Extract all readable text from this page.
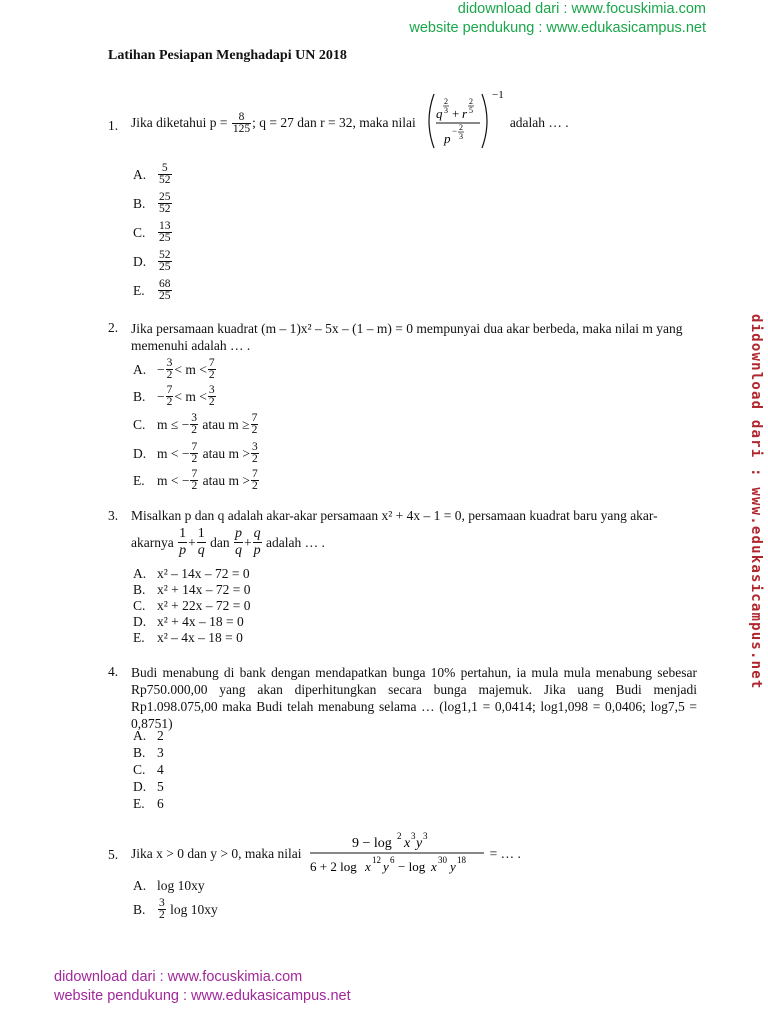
didownload dari : www.focuskimia.com
website pendukung : www.edukasicampus.net
didownload dari : www.edukasicampus.net
Latihan Pesiapan Menghadapi UN 2018
1. Jika diketahui p =
$\frac{8}{125}$ ; q = 27 dan r = 32, maka nilai
−1
q
2
3 + r
2
5
p − 2
3
adalah … .
A.	$\frac{5}{52}$
B.	$\frac{25}{52}$
C.	$\frac{13}{25}$
D.	$\frac{52}{25}$
E.	$\frac{68}{25}$
2. Jika persamaan kuadrat (m – 1)x² – 5x – (1 – m) = 0 mempunyai dua akar berbeda, maka nilai m yang
memenuhi adalah … .
A. − $\frac{3}{2} < m < \frac{7}{2}$
B. − $\frac{7}{2} < m < \frac{3}{2}$
C. m ≤ − $\frac{3}{2}$
atau
$m \ge \frac{7}{2}$
D. m < − $\frac{7}{2}$
atau
$m > \frac{3}{2}$
E. m < − $\frac{7}{2}$
atau
$m > \frac{7}{2}$
3. Misalkan p dan q adalah akar-akar persamaan x² + 4x – 1 = 0, persamaan kuadrat baru yang akar-
akarnya
$\frac{1}{p} + \frac{1}{q}$
dan
$\frac{p}{q} + \frac{q}{p}$
adalah … .
A. x² – 14x – 72 = 0
B. x² + 14x – 72 = 0
C. x² + 22x – 72 = 0
D. x² + 4x – 18 = 0
E. x² – 4x – 18 = 0
4. Budi menabung di bank dengan mendapatkan bunga 10% pertahun, ia mula mula menabung sebesar Rp750.000,00 yang akan diperhitungkan secara bunga majemuk. Jika uang Budi menjadi Rp1.098.075,00 maka Budi telah menabung selama … (log1,1 = 0,0414; log1,098 = 0,0406; log7,5 = 0,8751)
A. 2
B. 3
C. 4
D. 5
E. 6
5. Jika x > 0 dan y > 0, maka nilai

9 − log 2 x 3 y 3
6 + 2 log x 12 y 6 − log x 30 y 18
= … .
A. log 10xy
B.	$\frac{3}{2}$
log 10xy
didownload dari : www.focuskimia.com
website pendukung : www.edukasicampus.net
